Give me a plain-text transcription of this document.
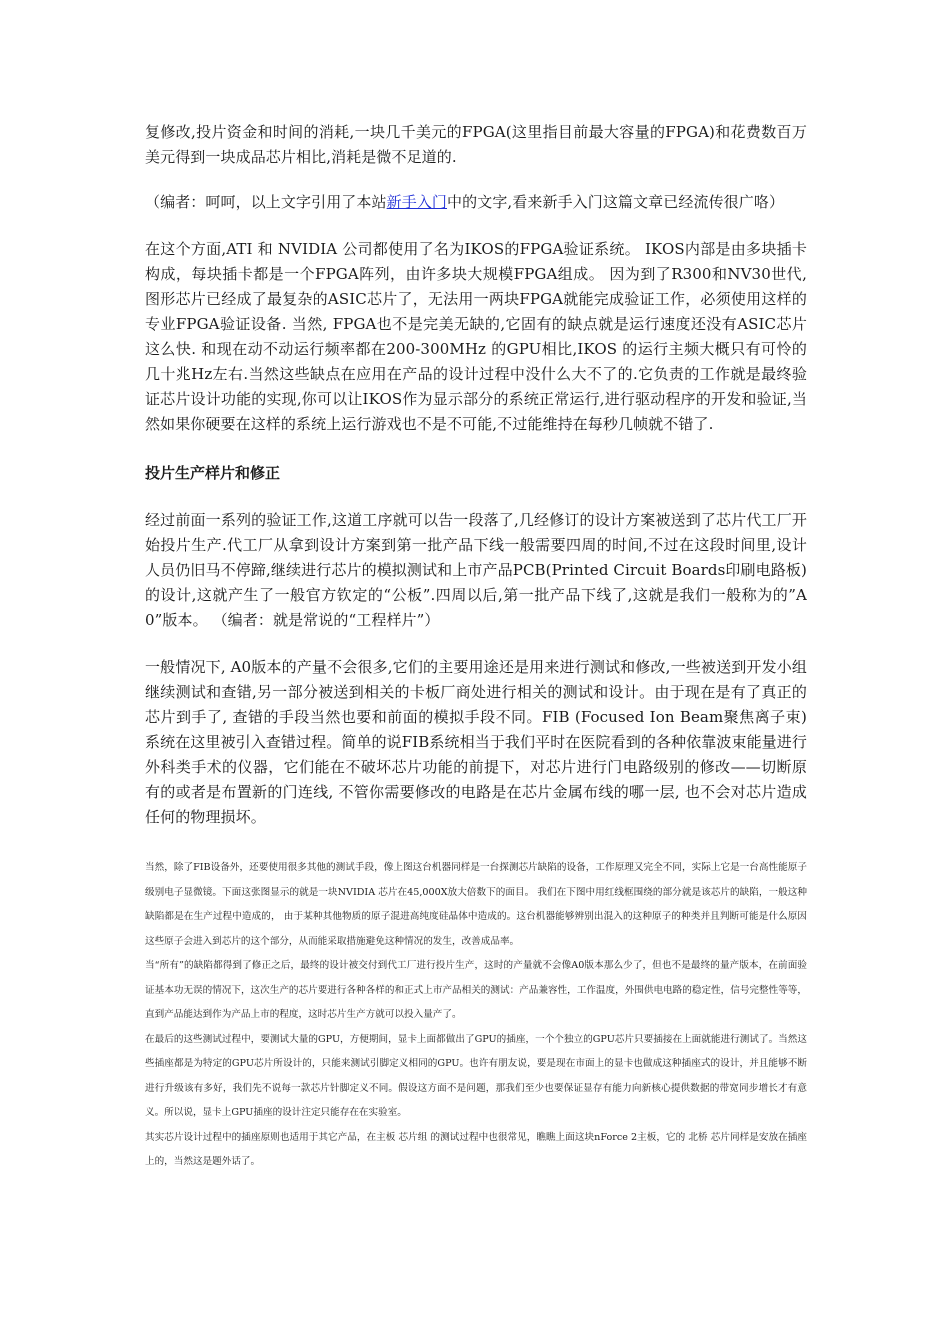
复修改,投片资金和时间的消耗,一块几千美元的FPGA(这里指目前最大容量的FPGA)和花费数百万美元得到一块成品芯片相比,消耗是微不足道的.

（编者：呵呵，以上文字引用了本站新手入门中的文字,看来新手入门这篇文章已经流传很广咯）

在这个方面,ATI 和 NVIDIA 公司都使用了名为IKOS的FPGA验证系统。 IKOS内部是由多块插卡构成，每块插卡都是一个FPGA阵列，由许多块大规模FPGA组成。 因为到了R300和NV30世代,图形芯片已经成了最复杂的ASIC芯片了，无法用一两块FPGA就能完成验证工作，必须使用这样的专业FPGA验证设备. 当然, FPGA也不是完美无缺的,它固有的缺点就是运行速度还没有ASIC芯片这么快. 和现在动不动运行频率都在200-300MHz 的GPU相比,IKOS 的运行主频大概只有可怜的几十兆Hz左右.当然这些缺点在应用在产品的设计过程中没什么大不了的.它负责的工作就是最终验证芯片设计功能的实现,你可以让IKOS作为显示部分的系统正常运行,进行驱动程序的开发和验证,当然如果你硬要在这样的系统上运行游戏也不是不可能,不过能维持在每秒几帧就不错了.

投片生产样片和修正

经过前面一系列的验证工作,这道工序就可以告一段落了,几经修订的设计方案被送到了芯片代工厂开始投片生产.代工厂从拿到设计方案到第一批产品下线一般需要四周的时间,不过在这段时间里,设计人员仍旧马不停蹄,继续进行芯片的模拟测试和上市产品PCB(Printed Circuit Boards印刷电路板) 的设计,这就产生了一般官方钦定的“公板”.四周以后,第一批产品下线了,这就是我们一般称为的”A0”版本。 （编者：就是常说的“工程样片”）

一般情况下, A0版本的产量不会很多,它们的主要用途还是用来进行测试和修改,一些被送到开发小组继续测试和查错,另一部分被送到相关的卡板厂商处进行相关的测试和设计。由于现在是有了真正的芯片到手了, 查错的手段当然也要和前面的模拟手段不同。FIB (Focused Ion Beam聚焦离子束) 系统在这里被引入查错过程。简单的说FIB系统相当于我们平时在医院看到的各种依靠波束能量进行外科类手术的仪器，它们能在不破坏芯片功能的前提下，对芯片进行门电路级别的修改——切断原有的或者是布置新的门连线, 不管你需要修改的电路是在芯片金属布线的哪一层, 也不会对芯片造成任何的物理损坏。

当然，除了FIB设备外，还要使用很多其他的测试手段，像上图这台机器同样是一台探测芯片缺陷的设备，工作原理又完全不同，实际上它是一台高性能原子级别电子显微镜。下面这张图显示的就是一块NVIDIA 芯片在45,000X放大倍数下的面目。 我们在下图中用红线框围绕的部分就是该芯片的缺陷，一般这种缺陷都是在生产过程中造成的， 由于某种其他物质的原子混进高纯度硅晶体中造成的。这台机器能够辨别出混入的这种原子的种类并且判断可能是什么原因这些原子会进入到芯片的这个部分，从而能采取措施避免这种情况的发生，改善成品率。

当“所有”的缺陷都得到了修正之后，最终的设计被交付到代工厂进行投片生产，这时的产量就不会像A0版本那么少了，但也不是最终的量产版本，在前面验证基本功无误的情况下，这次生产的芯片要进行各种各样的和正式上市产品相关的测试：产品兼容性，工作温度，外围供电电路的稳定性，信号完整性等等，直到产品能达到作为产品上市的程度，这时芯片生产方就可以投入量产了。

在最后的这些测试过程中，要测试大量的GPU，方便期间，显卡上面都做出了GPU的插座，一个个独立的GPU芯片只要插接在上面就能进行测试了。当然这些插座都是为特定的GPU芯片所设计的，只能来测试引脚定义相同的GPU。也许有朋友说，要是现在市面上的显卡也做成这种插座式的设计，并且能够不断进行升级该有多好，我们先不说每一款芯片针脚定义不同。假设这方面不是问题，那我们至少也要保证显存有能力向新核心提供数据的带宽同步增长才有意义。所以说，显卡上GPU插座的设计注定只能存在在实验室。

其实芯片设计过程中的插座原则也适用于其它产品，在主板 芯片组 的测试过程中也很常见，瞧瞧上面这块nForce 2主板，它的 北桥 芯片同样是安放在插座上的，当然这是题外话了。
